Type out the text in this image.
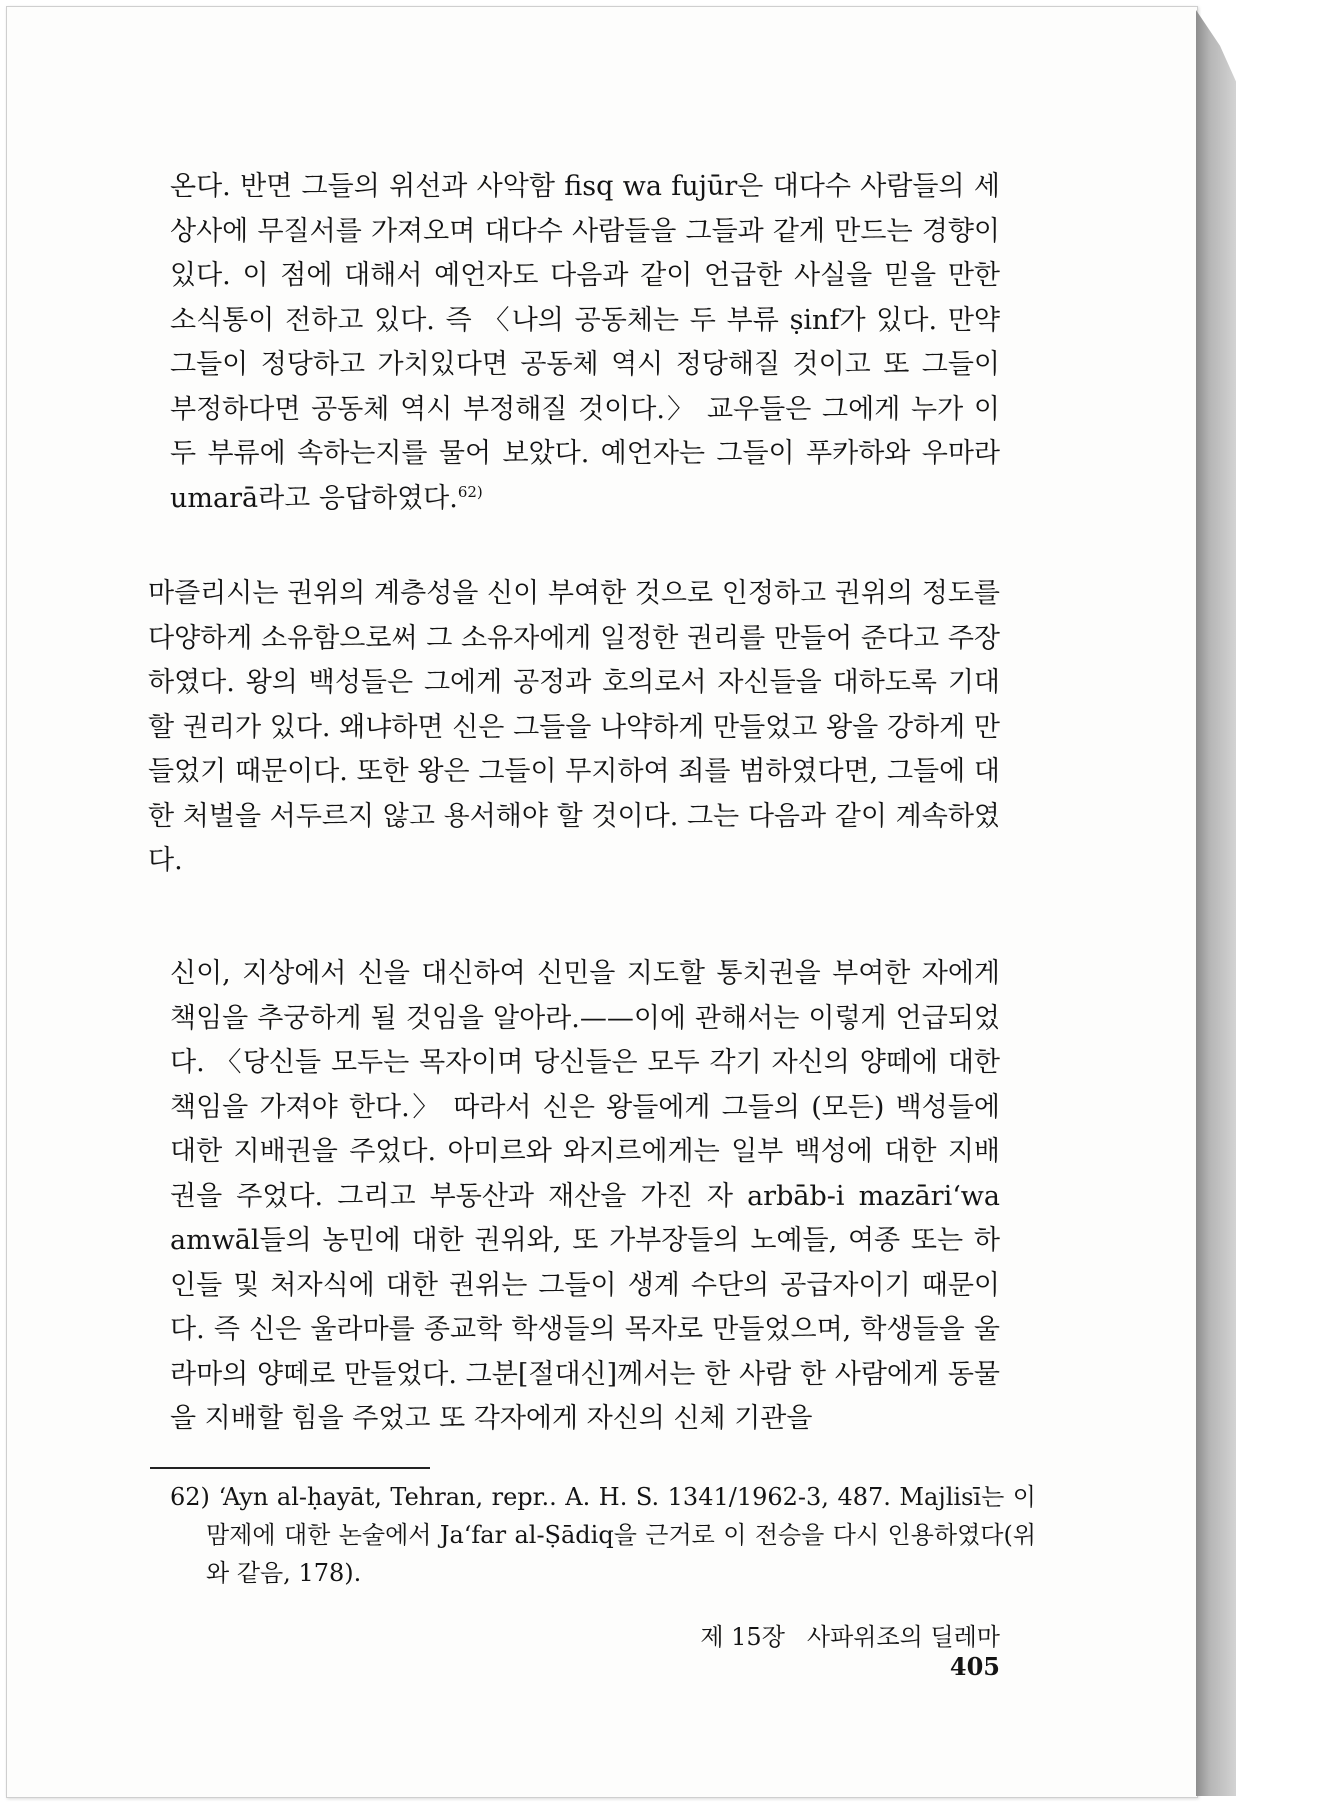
온다. 반면 그들의 위선과 사악함 fisq wa fujūr은 대다수 사람들의 세상사에 무질서를 가져오며 대다수 사람들을 그들과 같게 만드는 경향이 있다. 이 점에 대해서 예언자도 다음과 같이 언급한 사실을 믿을 만한 소식통이 전하고 있다. 즉 〈나의 공동체는 두 부류 ṣinf가 있다. 만약 그들이 정당하고 가치있다면 공동체 역시 정당해질 것이고 또 그들이 부정하다면 공동체 역시 부정해질 것이다.〉 교우들은 그에게 누가 이 두 부류에 속하는지를 물어 보았다. 예언자는 그들이 푸카하와 우마라 umarā라고 응답하였다.$^{62)}$

마즐리시는 권위의 계층성을 신이 부여한 것으로 인정하고 권위의 정도를 다양하게 소유함으로써 그 소유자에게 일정한 권리를 만들어 준다고 주장하였다. 왕의 백성들은 그에게 공정과 호의로서 자신들을 대하도록 기대할 권리가 있다. 왜냐하면 신은 그들을 나약하게 만들었고 왕을 강하게 만들었기 때문이다. 또한 왕은 그들이 무지하여 죄를 범하였다면, 그들에 대한 처벌을 서두르지 않고 용서해야 할 것이다. 그는 다음과 같이 계속하였다.

신이, 지상에서 신을 대신하여 신민을 지도할 통치권을 부여한 자에게 책임을 추궁하게 될 것임을 알아라.——이에 관해서는 이렇게 언급되었다. 〈당신들 모두는 목자이며 당신들은 모두 각기 자신의 양떼에 대한 책임을 가져야 한다.〉 따라서 신은 왕들에게 그들의 (모든) 백성들에 대한 지배권을 주었다. 아미르와 와지르에게는 일부 백성에 대한 지배권을 주었다. 그리고 부동산과 재산을 가진 자 arbāb-i mazāri‘wa amwāl들의 농민에 대한 권위와, 또 가부장들의 노예들, 여종 또는 하인들 및 처자식에 대한 권위는 그들이 생계 수단의 공급자이기 때문이다. 즉 신은 울라마를 종교학 학생들의 목자로 만들었으며, 학생들을 울라마의 양떼로 만들었다. 그분[절대신]께서는 한 사람 한 사람에게 동물을 지배할 힘을 주었고 또 각자에게 자신의 신체 기관을

62) ‘Ayn al-ḥayāt, Tehran, repr.. A. H. S. 1341/1962-3, 487. Majlisī는 이 맘제에 대한 논술에서 Ja‘far al-Ṣādiq을 근거로 이 전승을 다시 인용하였다(위와 같음, 178).
제 15장 사파위조의 딜레마405
